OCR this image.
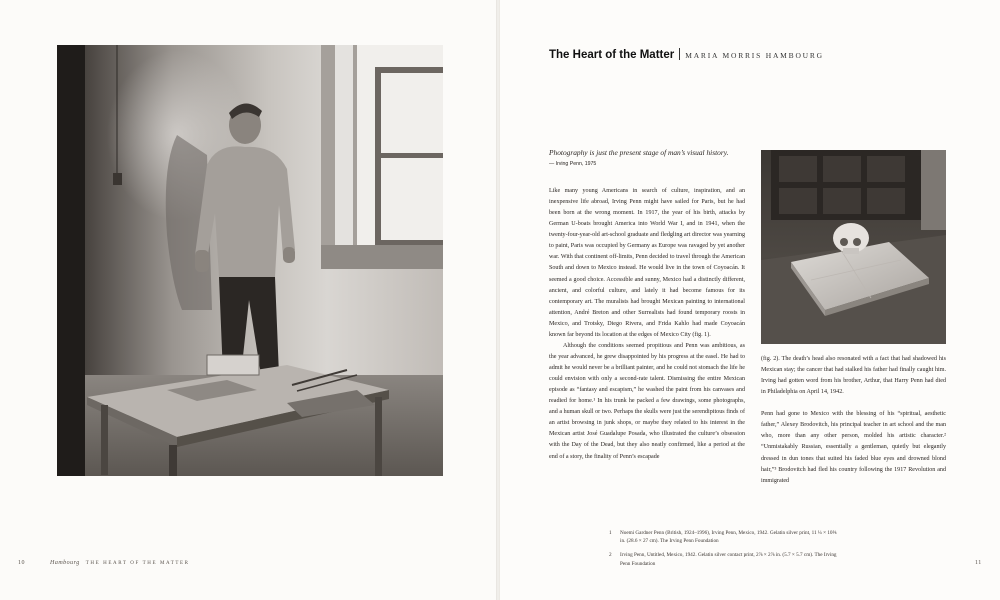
10	Hambourg THE HEART OF THE MATTER
The Heart of the Matter MARIA MORRIS HAMBOURG
Photography is just the present stage of man’s visual history.
— Irving Penn, 1975

Like many young Americans in search of culture, inspiration, and an inexpensive life abroad, Irving Penn might have sailed for Paris, but he had been born at the wrong moment. In 1917, the year of his birth, attacks by German U-boats brought America into World War I, and in 1941, when the twenty-four-year-old art-school graduate and fledgling art director was yearning to paint, Paris was occupied by Germany as Europe was ravaged by yet another war. With that continent off-limits, Penn decided to travel through the American South and down to Mexico instead. He would live in the town of Coyoacán. It seemed a good choice. Accessible and sunny, Mexico had a distinctly different, ancient, and colorful culture, and lately it had become famous for its contemporary art. The muralists had brought Mexican painting to international attention, André Breton and other Surrealists had found temporary roosts in Mexico, and Trotsky, Diego Rivera, and Frida Kahlo had made Coyoacán known far beyond its location at the edges of Mexico City (fig. 1).

Although the conditions seemed propitious and Penn was ambitious, as the year advanced, he grew disappointed by his progress at the easel. He had to admit he would never be a brilliant painter, and he could not stomach the life he could envision with only a second-rate talent. Dismissing the entire Mexican episode as “fantasy and escapism,” he washed the paint from his canvases and readied for home.¹ In his trunk he packed a few drawings, some photographs, and a human skull or two. Perhaps the skulls were just the serendipitous finds of an artist browsing in junk shops, or maybe they related to his interest in the Mexican artist José Guadalupe Posada, who illustrated the culture’s obsession with the Day of the Dead, but they also neatly confirmed, like a period at the end of a story, the finality of Penn’s escapade

(fig. 2). The death’s head also resonated with a fact that had shadowed his Mexican stay; the cancer that had stalked his father had finally caught him. Irving had gotten word from his brother, Arthur, that Harry Penn had died in Philadelphia on April 14, 1942.

Penn had gone to Mexico with the blessing of his “spiritual, aesthetic father,” Alexey Brodovitch, his principal teacher in art school and the man who, more than any other person, molded his artistic character.² “Unmistakably Russian, essentially a gentleman, quietly but elegantly dressed in dun tones that suited his faded blue eyes and drowned blond hair,”³ Brodovitch had fled his country following the 1917 Revolution and immigrated

1 Noemi Gardner Penn (British, 1924–1996), Irving Penn, Mexico, 1942. Gelatin silver print, 11 ¼ × 10⅝ in. (28.6 × 27 cm). The Irving Penn Foundation
2 Irving Penn, Untitled, Mexico, 1942. Gelatin silver contact print, 2⅞ × 2⅞ in. (5.7 × 5.7 cm). The Irving Penn Foundation	11
